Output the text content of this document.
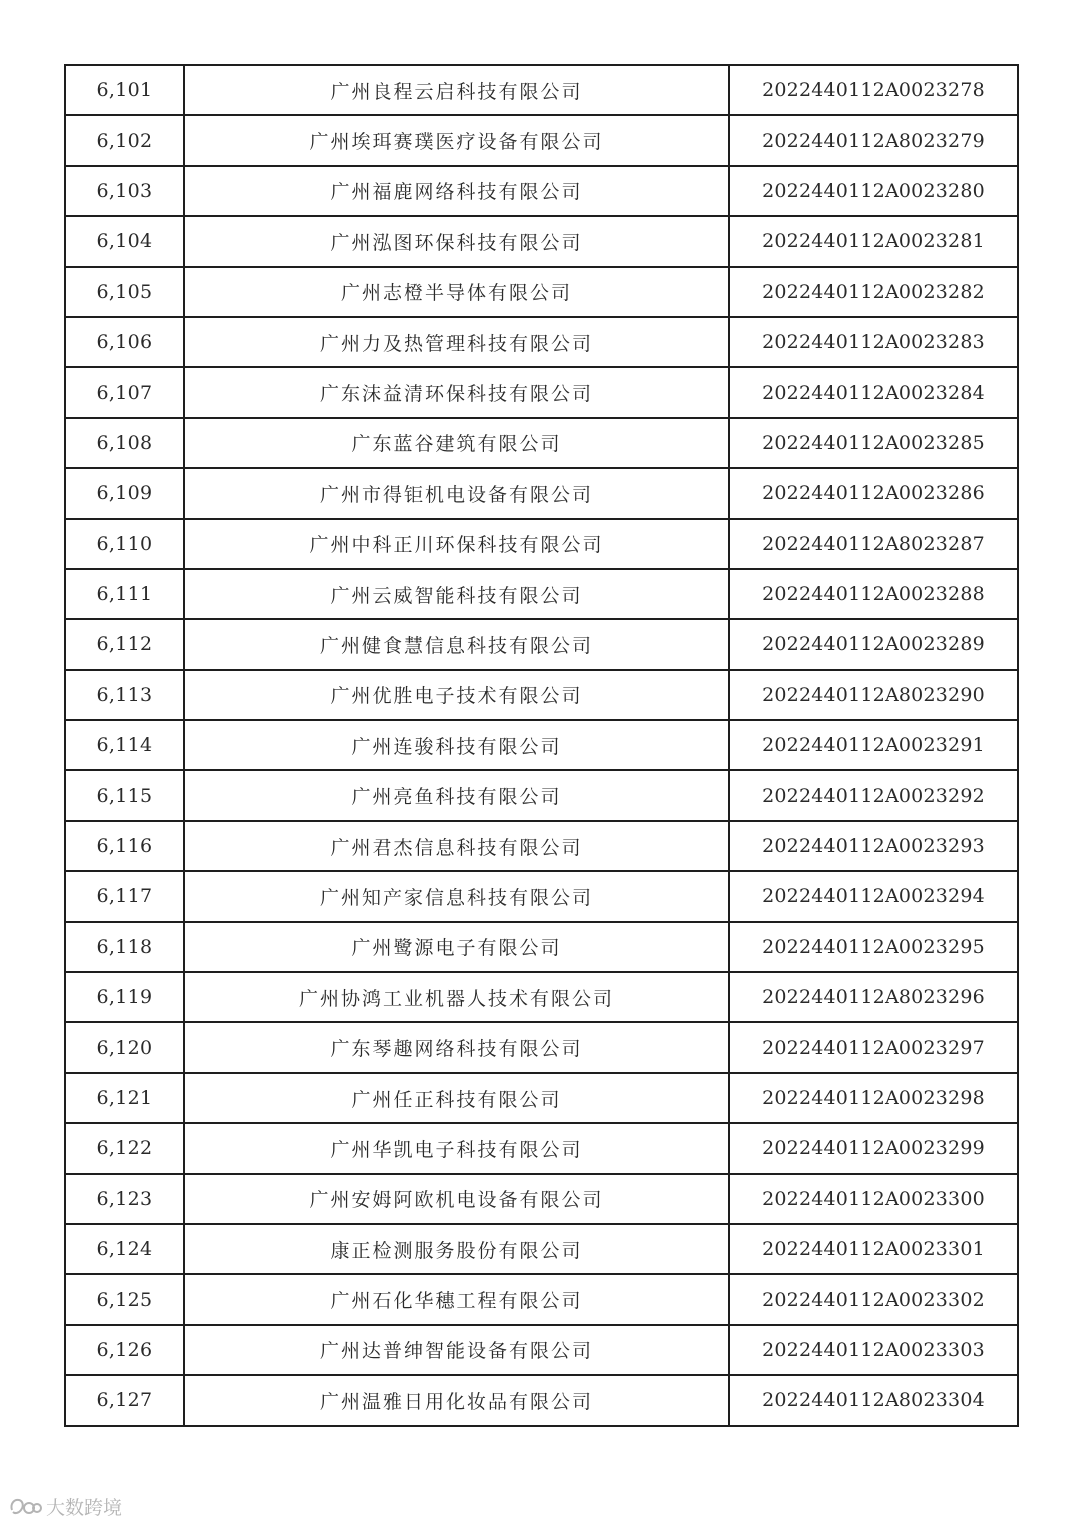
6,101	广州良程云启科技有限公司	2022440112A0023278
6,102	广州埃珥赛璞医疗设备有限公司	2022440112A8023279
6,103	广州福鹿网络科技有限公司	2022440112A0023280
6,104	广州泓图环保科技有限公司	2022440112A0023281
6,105	广州志橙半导体有限公司	2022440112A0023282
6,106	广州力及热管理科技有限公司	2022440112A0023283
6,107	广东沫益清环保科技有限公司	2022440112A0023284
6,108	广东蓝谷建筑有限公司	2022440112A0023285
6,109	广州市得钜机电设备有限公司	2022440112A0023286
6,110	广州中科正川环保科技有限公司	2022440112A8023287
6,111	广州云威智能科技有限公司	2022440112A0023288
6,112	广州健食慧信息科技有限公司	2022440112A0023289
6,113	广州优胜电子技术有限公司	2022440112A8023290
6,114	广州连骏科技有限公司	2022440112A0023291
6,115	广州亮鱼科技有限公司	2022440112A0023292
6,116	广州君杰信息科技有限公司	2022440112A0023293
6,117	广州知产家信息科技有限公司	2022440112A0023294
6,118	广州鹭源电子有限公司	2022440112A0023295
6,119	广州协鸿工业机器人技术有限公司	2022440112A8023296
6,120	广东琴趣网络科技有限公司	2022440112A0023297
6,121	广州任正科技有限公司	2022440112A0023298
6,122	广州华凯电子科技有限公司	2022440112A0023299
6,123	广州安姆阿欧机电设备有限公司	2022440112A0023300
6,124	康正检测服务股份有限公司	2022440112A0023301
6,125	广州石化华穗工程有限公司	2022440112A0023302
6,126	广州达普绅智能设备有限公司	2022440112A0023303
6,127	广州温雅日用化妆品有限公司	2022440112A8023304
大数跨境
